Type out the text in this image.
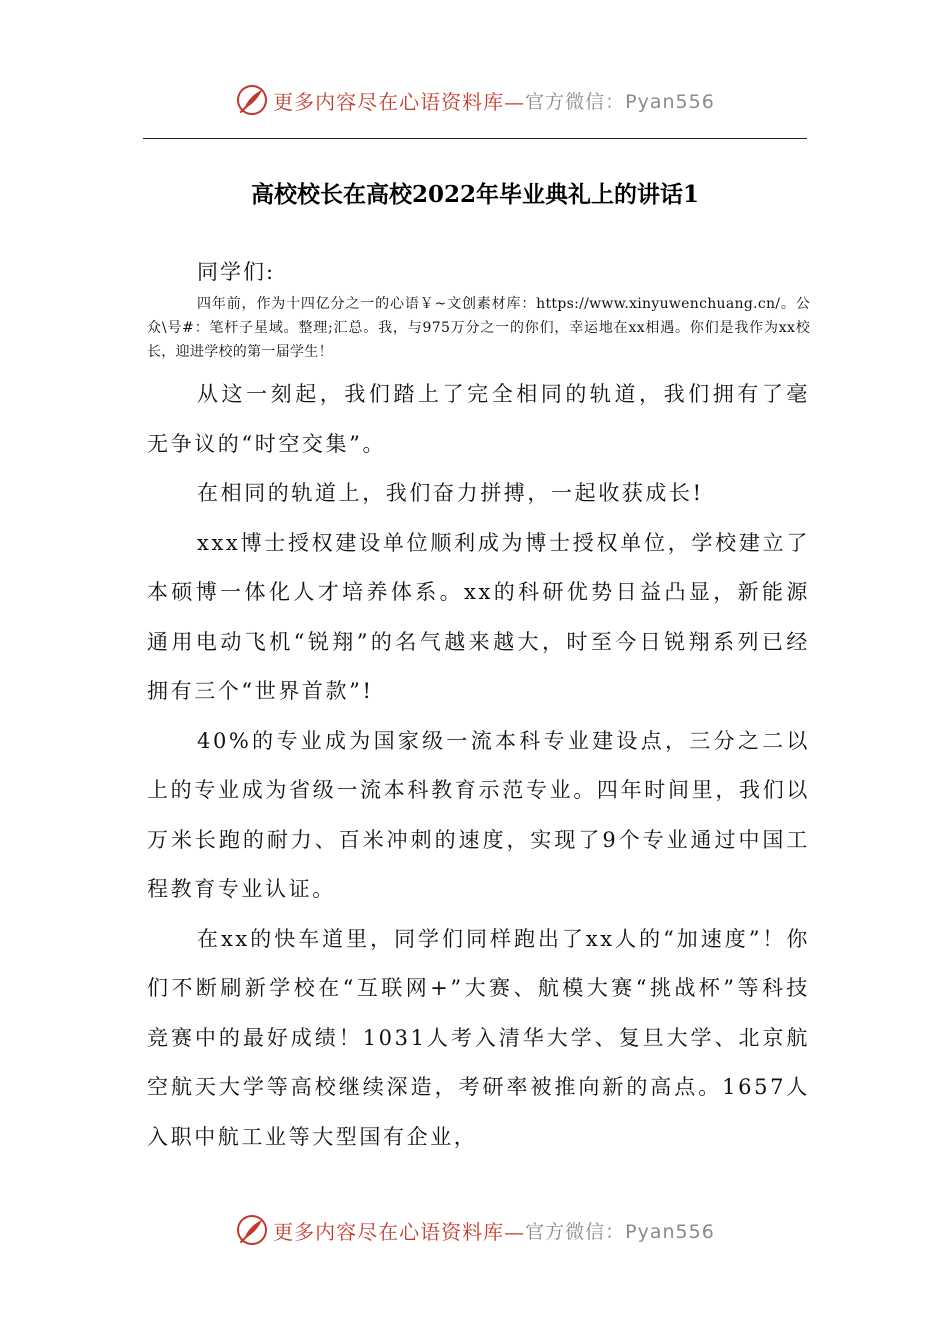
更多内容尽在心语资料库— 官方微信：Pyan556
高校校长在高校2022年毕业典礼上的讲话1
同学们:

四年前，作为十四亿分之一的心语￥~文创素材库：https://www.xinyuwenchuang.cn/。公众\号#：笔杆子星域。整理;汇总。我，与975万分之一的你们，幸运地在xx相遇。你们是我作为xx校长，迎进学校的第一届学生！

从这一刻起，我们踏上了完全相同的轨道，我们拥有了毫无争议的“时空交集”。

在相同的轨道上，我们奋力拼搏，一起收获成长!

xxx博士授权建设单位顺利成为博士授权单位，学校建立了本硕博一体化人才培养体系。xx的科研优势日益凸显，新能源通用电动飞机“锐翔”的名气越来越大，时至今日锐翔系列已经拥有三个“世界首款”!

40%的专业成为国家级一流本科专业建设点，三分之二以上的专业成为省级一流本科教育示范专业。四年时间里，我们以万米长跑的耐力、百米冲刺的速度，实现了9个专业通过中国工程教育专业认证。

在xx的快车道里，同学们同样跑出了xx人的“加速度”！你们不断刷新学校在“互联网+”大赛、航模大赛“挑战杯”等科技竞赛中的最好成绩！1031人考入清华大学、复旦大学、北京航空航天大学等高校继续深造，考研率被推向新的高点。1657人入职中航工业等大型国有企业，

更多内容尽在心语资料库— 官方微信：Pyan556
